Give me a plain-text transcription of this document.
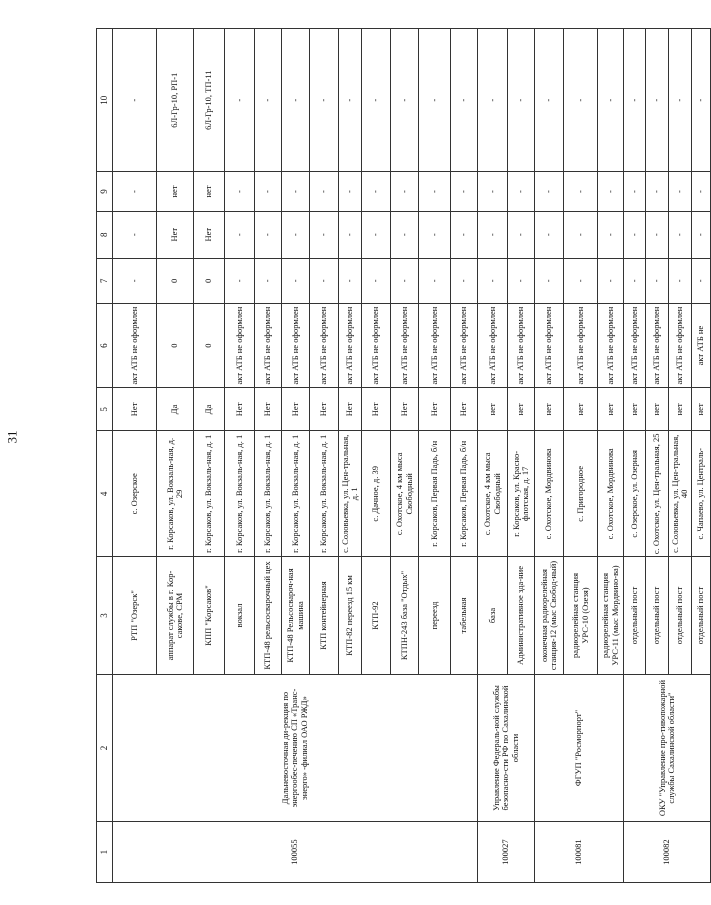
31
1	2	3	4	5	6	7	8	9	10
100055	Дальневосточная ди-рекция по энергообес-печению СП «Транс-энерго» -филиал ОАО РЖД»	РТП "Озерск"	с. Озерское	Нет	акт АТБ не оформлен	-	-	-	-
		аппарат службы в г. Кор-сакове, СРМ	г. Корсаков, ул. Вокзаль-ная, д. 29	Да	0	0	Нет	нет	6Л-Гр-10, РП-1
		КПП "Корсаков"	г. Корсаков, ул. Вокзаль-ная, д. 1	Да	0	0	Нет	нет	6Л-Гр-10, ТП-11
		вокзал	г. Корсаков, ул. Вокзаль-ная, д. 1	Нет	акт АТБ не оформлен	-	-	-	-
		КТП-48 рельсосварочный цех	г. Корсаков, ул. Вокзаль-ная, д. 1	Нет	акт АТБ не оформлен	-	-	-	-
		КТП-48 Рельсосвароч-ная машина	г. Корсаков, ул. Вокзаль-ная, д. 1	Нет	акт АТБ не оформлен	-	-	-	-
		КТП контейнерная	г. Корсаков, ул. Вокзаль-ная, д. 1	Нет	акт АТБ не оформлен	-	-	-	-
		КТП-82 переезд 15 км	с. Соловьевка, ул. Цен-тральная, д. 1	Нет	акт АТБ не оформлен	-	-	-	-
		КТП-92	с. Дачное, д. 39	Нет	акт АТБ не оформлен	-	-	-	-
		КТПН-243 база "Отдых"	с. Охотское, 4 км мыса Свободный	Нет	акт АТБ не оформлен	-	-	-	-
		переезд	г. Корсаков, Первая Падь, б/н	Нет	акт АТБ не оформлен	-	-	-	-
		табельная	г. Корсаков, Первая Падь, б/н	Нет	акт АТБ не оформлен	-	-	-	-
100027	Управление Федераль-ной службы безопасно-сти РФ по Сахалинской области	база	с. Охотское, 4 км мыса Свободный	нет	акт АТБ не оформлен	-	-	-	-
		Административное зда-ние	г. Корсаков, ул. Красно-флотская, д. 17	нет	акт АТБ не оформлен	-	-	-	-
100081	ФГУП "Росморпорт"	оконечная радиорелейная станция-12 (мыс Свобод-ный)	с. Охотское, Мордвинова	нет	акт АТБ не оформлен	-	-	-	-
		радиорелейная станция УРС-10 (Озезя)	с. Пригородное	нет	акт АТБ не оформлен	-	-	-	-
		радиорелейная станция УРС-11 (мыс Мордвино-ва)	с. Охотское, Мордвинова	нет	акт АТБ не оформлен	-	-	-	-
100082	ОКУ "Управление про-тивопожарной службы Сахалинской области"	отдельный пост	с. Озерское, ул. Озерная	нет	акт АТБ не оформлен	-	-	-	-
		отдельный пост	с. Охотское, ул. Цен-тральная, 25	нет	акт АТБ не оформлен	-	-	-	-
		отдельный пост	с. Соловьевка, ул. Цен-тральная, 40	нет	акт АТБ не оформлен	-	-	-	-
		отдельный пост	с. Чапаево, ул. Централь-	нет	акт АТБ не	-	-	-	-
